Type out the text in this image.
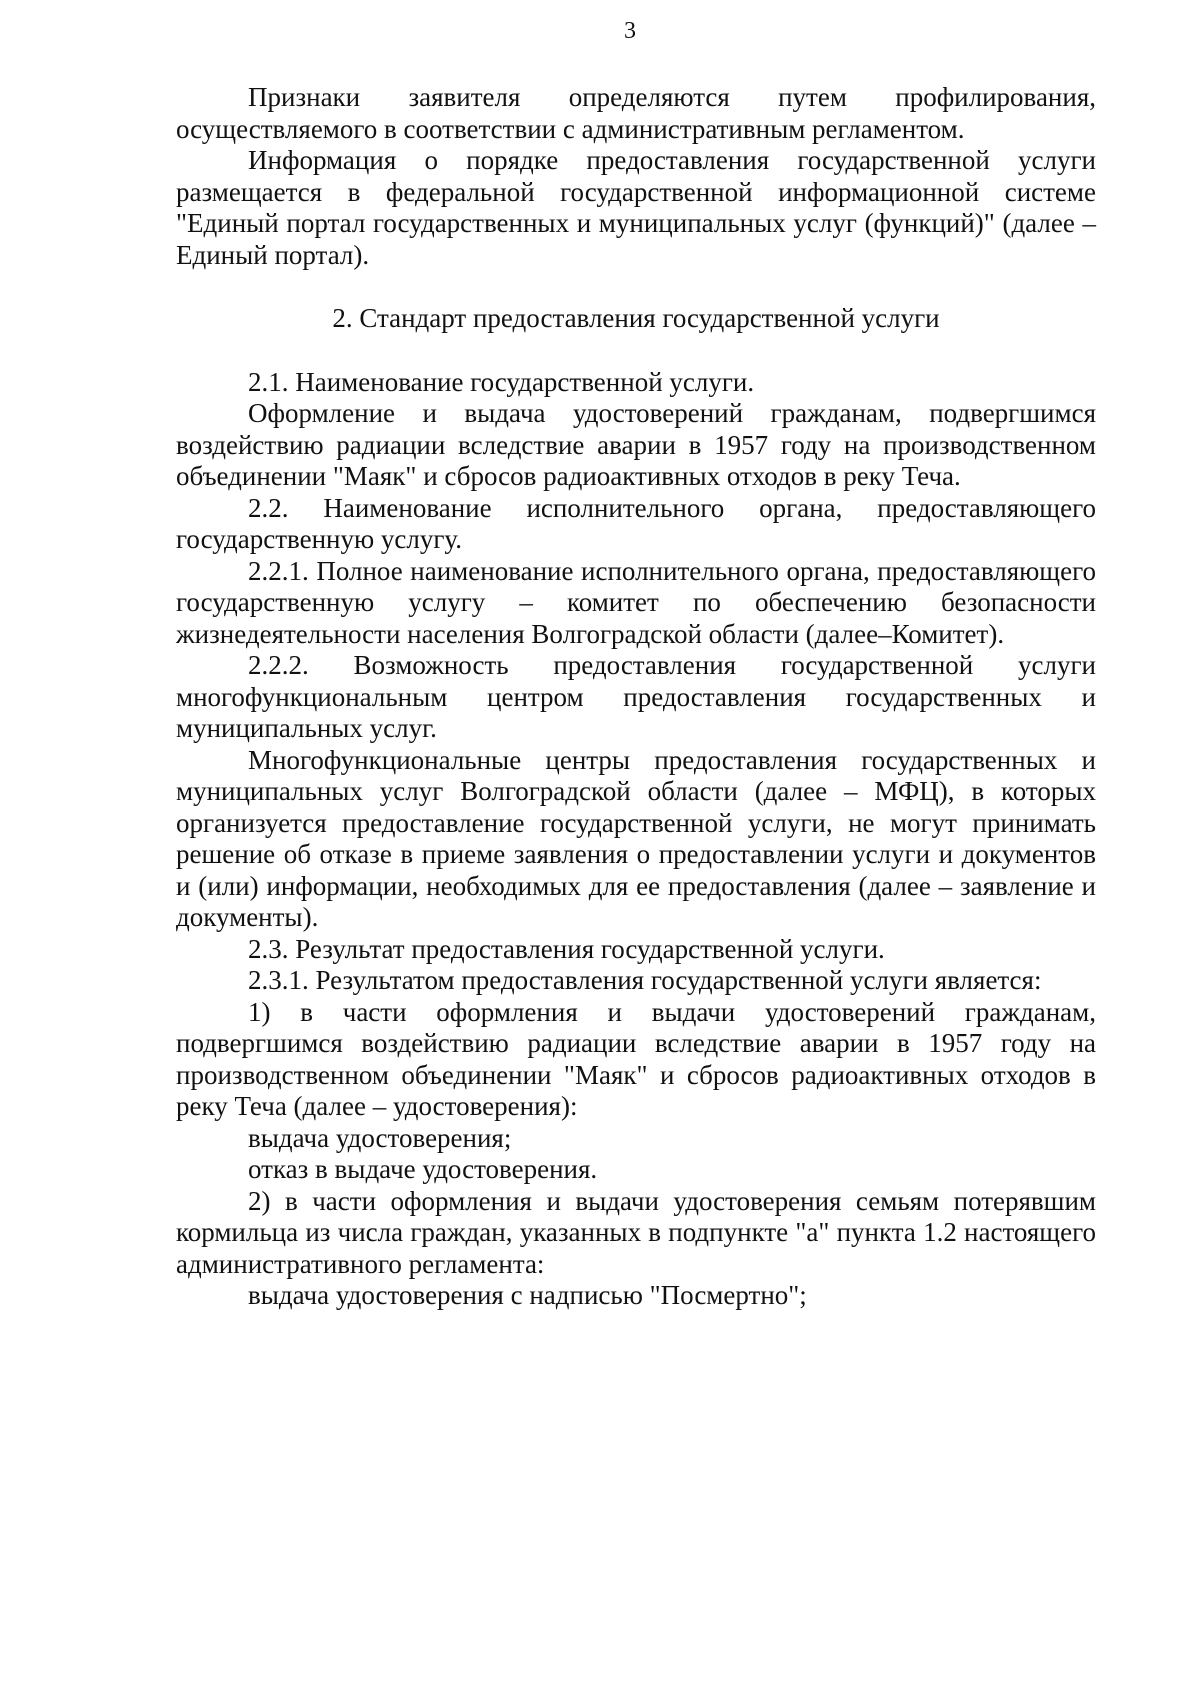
3

Признаки заявителя определяются путем профилирования, осуществляемого в соответствии с административным регламентом.

Информация о порядке предоставления государственной услуги размещается в федеральной государственной информационной системе "Единый портал государственных и муниципальных услуг (функций)" (далее – Единый портал).

2. Стандарт предоставления государственной услуги

2.1. Наименование государственной услуги.

Оформление и выдача удостоверений гражданам, подвергшимся воздействию радиации вследствие аварии в 1957 году на производственном объединении "Маяк" и сбросов радиоактивных отходов в реку Теча.

2.2. Наименование исполнительного органа, предоставляющего государственную услугу.

2.2.1. Полное наименование исполнительного органа, предоставляющего государственную услугу – комитет по обеспечению безопасности жизнедеятельности населения Волгоградской области (далее–Комитет).

2.2.2. Возможность предоставления государственной услуги многофункциональным центром предоставления государственных и муниципальных услуг.

Многофункциональные центры предоставления государственных и муниципальных услуг Волгоградской области (далее – МФЦ), в которых организуется предоставление государственной услуги, не могут принимать решение об отказе в приеме заявления о предоставлении услуги и документов и (или) информации, необходимых для ее предоставления (далее – заявление и документы).

2.3. Результат предоставления государственной услуги.

2.3.1. Результатом предоставления государственной услуги является:

1) в части оформления и выдачи удостоверений гражданам, подвергшимся воздействию радиации вследствие аварии в 1957 году на производственном объединении "Маяк" и сбросов радиоактивных отходов в реку Теча (далее – удостоверения):

выдача удостоверения;

отказ в выдаче удостоверения.

2) в части оформления и выдачи удостоверения семьям потерявшим кормильца из числа граждан, указанных в подпункте "а" пункта 1.2 настоящего административного регламента:

выдача удостоверения с надписью "Посмертно";
